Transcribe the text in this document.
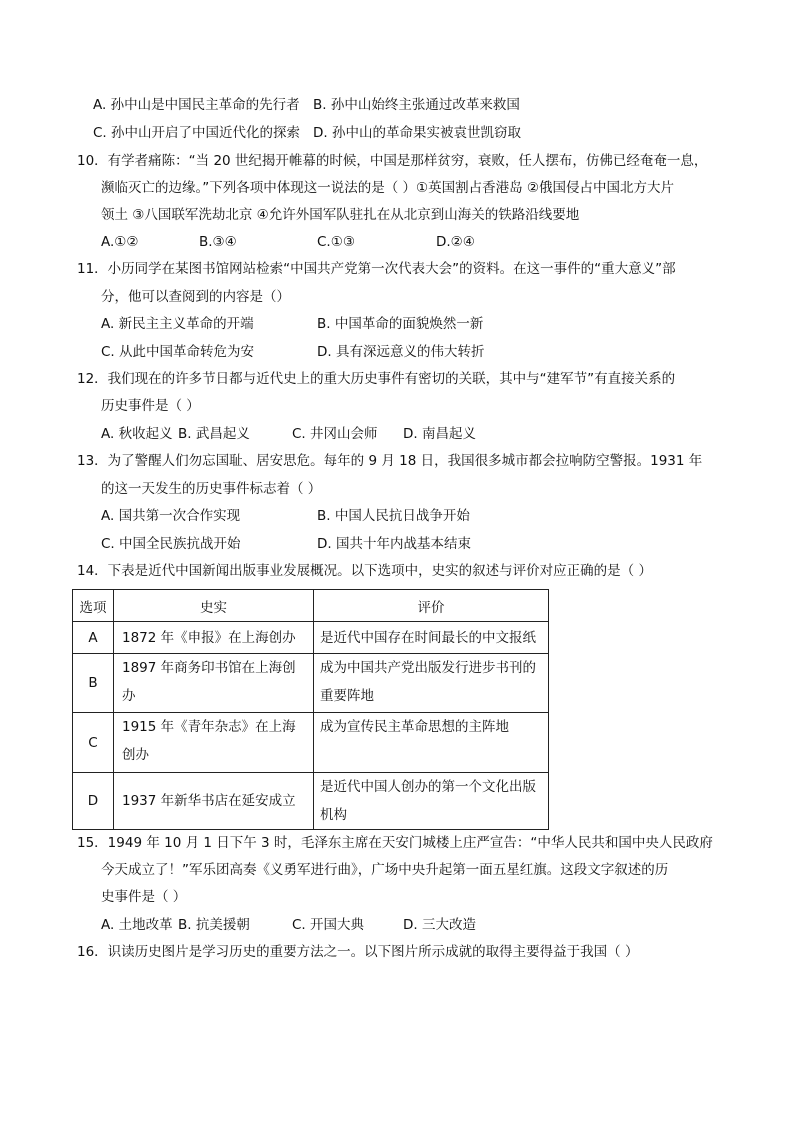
A. 孙中山是中国民主革命的先行者 B. 孙中山始终主张通过改革来救国
C. 孙中山开启了中国近代化的探索 D. 孙中山的革命果实被袁世凯窃取
10．有学者痛陈：“当 20 世纪揭开帷幕的时候，中国是那样贫穷，衰败，任人摆布，仿佛已经奄奄一息，
濒临灭亡的边缘。”下列各项中体现这一说法的是（ ）①英国割占香港岛 ②俄国侵占中国北方大片
领土 ③八国联军洗劫北京 ④允许外国军队驻扎在从北京到山海关的铁路沿线要地
A.①②	B.③④	C.①③	D.②④
11．小历同学在某图书馆网站检索“中国共产党第一次代表大会”的资料。在这一事件的“重大意义”部
分，他可以查阅到的内容是（）
A. 新民主主义革命的开端	B. 中国革命的面貌焕然一新
C. 从此中国革命转危为安	D. 具有深远意义的伟大转折
12．我们现在的许多节日都与近代史上的重大历史事件有密切的关联，其中与“建军节”有直接关系的
历史事件是（ ）
A. 秋收起义 B. 武昌起义	C. 井冈山会师 D. 南昌起义
13．为了警醒人们勿忘国耻、居安思危。每年的 9 月 18 日，我国很多城市都会拉响防空警报。1931 年
的这一天发生的历史事件标志着（ ）
A. 国共第一次合作实现	B. 中国人民抗日战争开始
C. 中国全民族抗战开始	D. 国共十年内战基本结束
14．下表是近代中国新闻出版事业发展概况。以下选项中，史实的叙述与评价对应正确的是（ ）
选项	史实	评价
A	1872 年《申报》在上海创办	是近代中国存在时间最长的中文报纸

B	1897 年商务印书馆在上海创办	成为中国共产党出版发行进步书刊的重要阵地

C	1915 年《青年杂志》在上海创办	成为宣传民主革命思想的主阵地

D	1937 年新华书店在延安成立	是近代中国人创办的第一个文化出版机构
15．1949 年 10 月 1 日下午 3 时，毛泽东主席在天安门城楼上庄严宣告：“中华人民共和国中央人民政府
今天成立了！”军乐团高奏《义勇军进行曲》，广场中央升起第一面五星红旗。这段文字叙述的历
史事件是（ ）
A. 土地改革 B. 抗美援朝	C. 开国大典	D. 三大改造
16．识读历史图片是学习历史的重要方法之一。以下图片所示成就的取得主要得益于我国（ ）
